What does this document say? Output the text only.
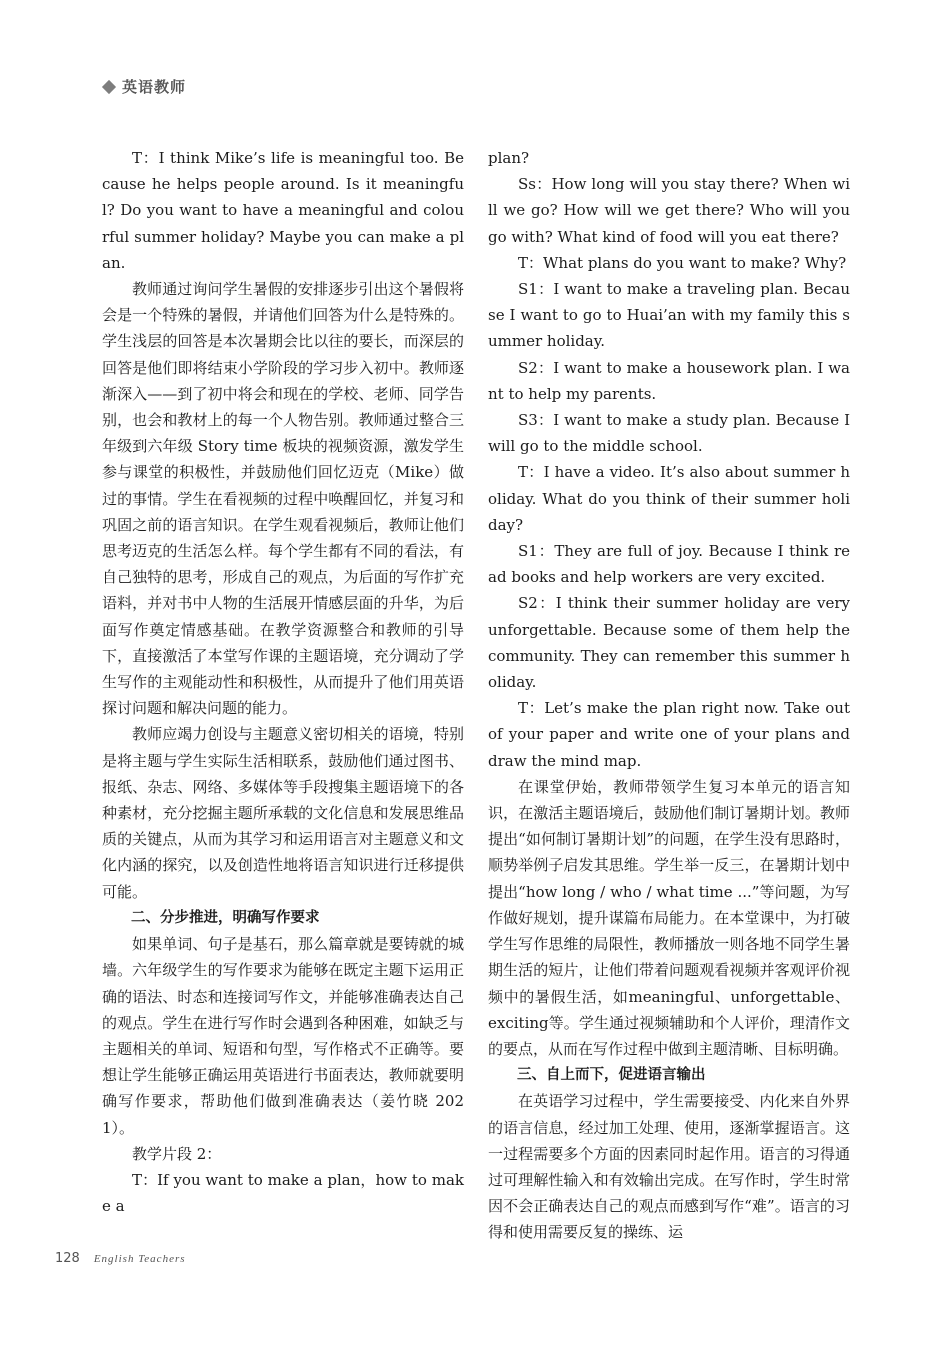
英语教师

T：I think Mike’s life is meaningful too. Because he helps people around. Is it meaningful? Do you want to have a meaningful and colourful summer holiday? Maybe you can make a plan.

教师通过询问学生暑假的安排逐步引出这个暑假将会是一个特殊的暑假，并请他们回答为什么是特殊的。学生浅层的回答是本次暑期会比以往的要长，而深层的回答是他们即将结束小学阶段的学习步入初中。教师逐渐深入——到了初中将会和现在的学校、老师、同学告别，也会和教材上的每一个人物告别。教师通过整合三年级到六年级 Story time 板块的视频资源，激发学生参与课堂的积极性，并鼓励他们回忆迈克（Mike）做过的事情。学生在看视频的过程中唤醒回忆，并复习和巩固之前的语言知识。在学生观看视频后，教师让他们思考迈克的生活怎么样。每个学生都有不同的看法，有自己独特的思考，形成自己的观点，为后面的写作扩充语料，并对书中人物的生活展开情感层面的升华，为后面写作奠定情感基础。在教学资源整合和教师的引导下，直接激活了本堂写作课的主题语境，充分调动了学生写作的主观能动性和积极性，从而提升了他们用英语探讨问题和解决问题的能力。

教师应竭力创设与主题意义密切相关的语境，特别是将主题与学生实际生活相联系，鼓励他们通过图书、报纸、杂志、网络、多媒体等手段搜集主题语境下的各种素材，充分挖掘主题所承载的文化信息和发展思维品质的关键点，从而为其学习和运用语言对主题意义和文化内涵的探究，以及创造性地将语言知识进行迁移提供可能。

二、分步推进，明确写作要求

如果单词、句子是基石，那么篇章就是要铸就的城墙。六年级学生的写作要求为能够在既定主题下运用正确的语法、时态和连接词写作文，并能够准确表达自己的观点。学生在进行写作时会遇到各种困难，如缺乏与主题相关的单词、短语和句型，写作格式不正确等。要想让学生能够正确运用英语进行书面表达，教师就要明确写作要求，帮助他们做到准确表达（姜竹晓 2021）。

教学片段 2：

T：If you want to make a plan，how to make a

plan?

Ss：How long will you stay there? When will we go? How will we get there? Who will you go with? What kind of food will you eat there?

T：What plans do you want to make? Why?

S1：I want to make a traveling plan. Because I want to go to Huai’an with my family this summer holiday.

S2：I want to make a housework plan. I want to help my parents.

S3：I want to make a study plan. Because I will go to the middle school.

T：I have a video. It’s also about summer holiday. What do you think of their summer holiday?

S1：They are full of joy. Because I think read books and help workers are very excited.

S2：I think their summer holiday are very unforgettable. Because some of them help the community. They can remember this summer holiday.

T：Let’s make the plan right now. Take out of your paper and write one of your plans and draw the mind map.

在课堂伊始，教师带领学生复习本单元的语言知识，在激活主题语境后，鼓励他们制订暑期计划。教师提出“如何制订暑期计划”的问题，在学生没有思路时，顺势举例子启发其思维。学生举一反三，在暑期计划中提出“how long / who / what time ...”等问题，为写作做好规划，提升谋篇布局能力。在本堂课中，为打破学生写作思维的局限性，教师播放一则各地不同学生暑期生活的短片，让他们带着问题观看视频并客观评价视频中的暑假生活，如meaningful、unforgettable、exciting等。学生通过视频辅助和个人评价，理清作文的要点，从而在写作过程中做到主题清晰、目标明确。

三、自上而下，促进语言输出

在英语学习过程中，学生需要接受、内化来自外界的语言信息，经过加工处理、使用，逐渐掌握语言。这一过程需要多个方面的因素同时起作用。语言的习得通过可理解性输入和有效输出完成。在写作时，学生时常因不会正确表达自己的观点而感到写作“难”。语言的习得和使用需要反复的操练、运

128 English Teachers
